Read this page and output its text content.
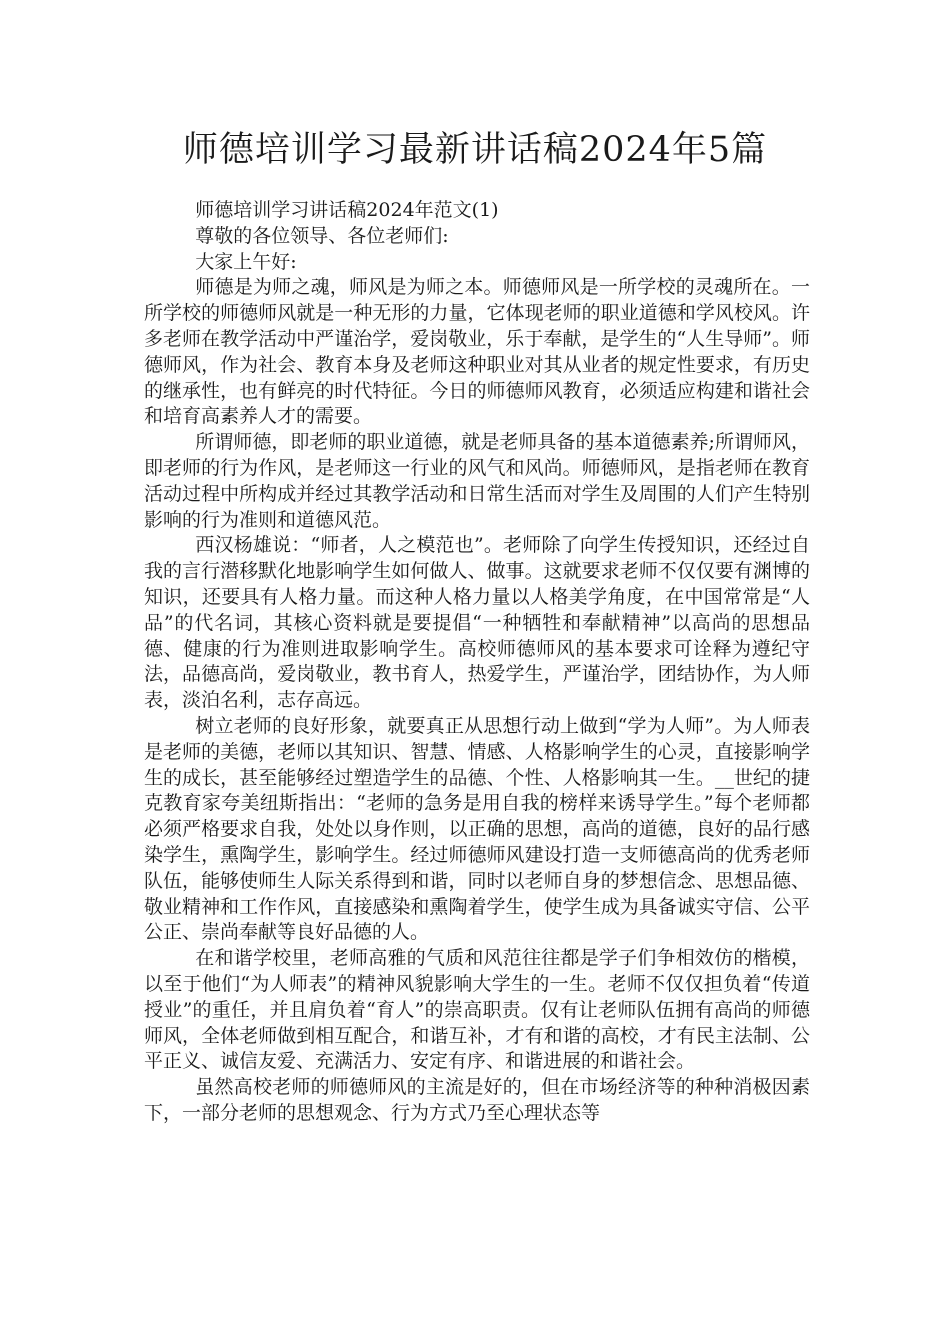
师德培训学习最新讲话稿2024年5篇

师德培训学习讲话稿2024年范文(1)

尊敬的各位领导、各位老师们:

大家上午好:

师德是为师之魂，师风是为师之本。师德师风是一所学校的灵魂所在。一所学校的师德师风就是一种无形的力量，它体现老师的职业道德和学风校风。许多老师在教学活动中严谨治学，爱岗敬业，乐于奉献，是学生的“人生导师”。师德师风，作为社会、教育本身及老师这种职业对其从业者的规定性要求，有历史的继承性，也有鲜亮的时代特征。今日的师德师风教育，必须适应构建和谐社会和培育高素养人才的需要。

所谓师德，即老师的职业道德，就是老师具备的基本道德素养;所谓师风，即老师的行为作风，是老师这一行业的风气和风尚。师德师风，是指老师在教育活动过程中所构成并经过其教学活动和日常生活而对学生及周围的人们产生特别影响的行为准则和道德风范。

西汉杨雄说：“师者，人之模范也”。老师除了向学生传授知识，还经过自我的言行潜移默化地影响学生如何做人、做事。这就要求老师不仅仅要有渊博的知识，还要具有人格力量。而这种人格力量以人格美学角度，在中国常常是“人品”的代名词，其核心资料就是要提倡“一种牺牲和奉献精神”以高尚的思想品德、健康的行为准则进取影响学生。高校师德师风的基本要求可诠释为遵纪守法，品德高尚，爱岗敬业，教书育人，热爱学生，严谨治学，团结协作，为人师表，淡泊名利，志存高远。

树立老师的良好形象，就要真正从思想行动上做到“学为人师”。为人师表是老师的美德，老师以其知识、智慧、情感、人格影响学生的心灵，直接影响学生的成长，甚至能够经过塑造学生的品德、个性、人格影响其一生。__世纪的捷克教育家夸美纽斯指出：“老师的急务是用自我的榜样来诱导学生。”每个老师都必须严格要求自我，处处以身作则，以正确的思想，高尚的道德，良好的品行感染学生，熏陶学生，影响学生。经过师德师风建设打造一支师德高尚的优秀老师队伍，能够使师生人际关系得到和谐，同时以老师自身的梦想信念、思想品德、敬业精神和工作作风，直接感染和熏陶着学生，使学生成为具备诚实守信、公平公正、崇尚奉献等良好品德的人。

在和谐学校里，老师高雅的气质和风范往往都是学子们争相效仿的楷模，以至于他们“为人师表”的精神风貌影响大学生的一生。老师不仅仅担负着“传道授业”的重任，并且肩负着“育人”的崇高职责。仅有让老师队伍拥有高尚的师德师风，全体老师做到相互配合，和谐互补，才有和谐的高校，才有民主法制、公平正义、诚信友爱、充满活力、安定有序、和谐进展的和谐社会。

虽然高校老师的师德师风的主流是好的，但在市场经济等的种种消极因素下，一部分老师的思想观念、行为方式乃至心理状态等
